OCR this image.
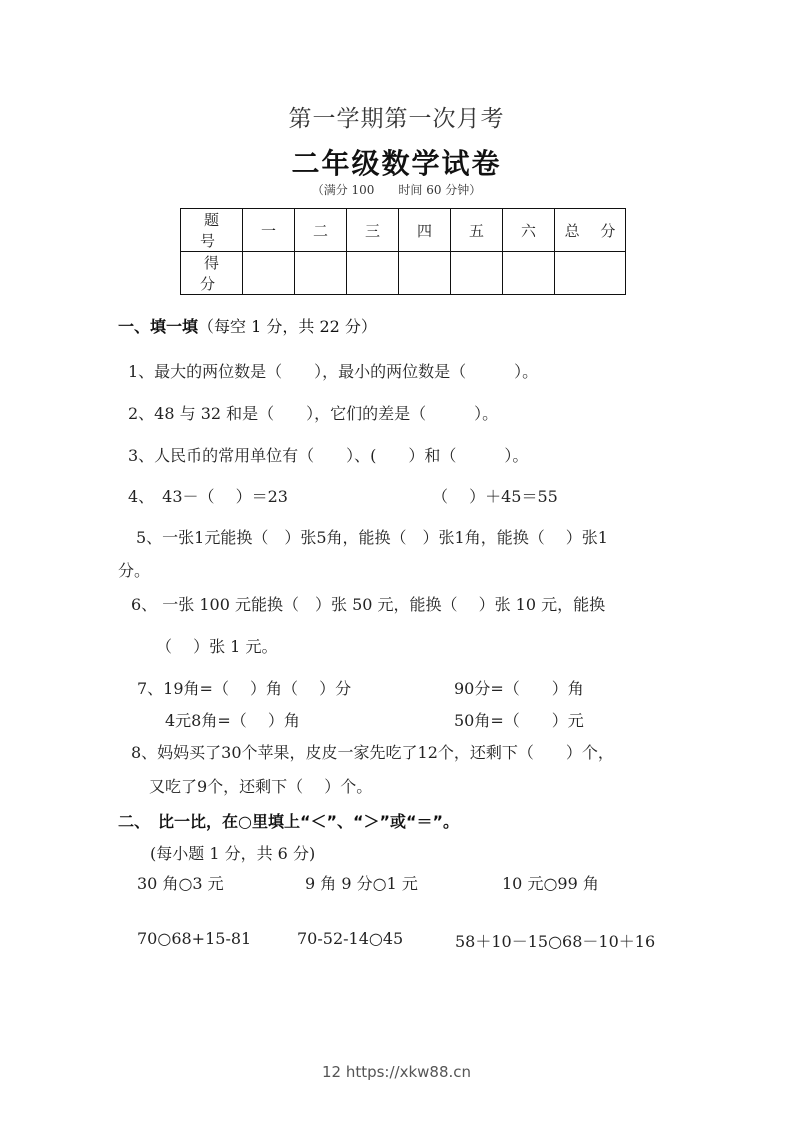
第一学期第一次月考
二年级数学试卷
（满分 100　　时间 60 分钟）
题 号	一	二	三	四	五	六	总 分
得 分							
一、填一填（每空 1 分，共 22 分）
1、最大的两位数是（　　），最小的两位数是（　　　）。
2、48 与 32 和是（　　），它们的差是（　　　）。
3、人民币的常用单位有（　　）、(　　）和（　　　）。
4、　43－（　 ）＝23	（　 ）＋45＝55
5、一张1元能换（　）张5角，能换（　）张1角，能换（　 ）张1
分。
6、 一张 100 元能换（　）张 50 元，能换（　 ）张 10 元，能换
（　 ）张 1 元。
7、19角=（　 ）角（　 ）分	90分=（　　）角
4元8角=（　 ）角	50角=（　　）元
8、妈妈买了30个苹果，皮皮一家先吃了12个，还剩下（　　）个，
又吃了9个，还剩下（　 ）个。
二、　比一比，在○里填上“＜”、“＞”或“＝”。
(每小题 1 分，共 6 分)
30 角○3 元	9 角 9 分○1 元	10 元○99 角
70○68+15-81	70-52-14○45	58＋10－15○68－10＋16
12 https://xkw88.cn
